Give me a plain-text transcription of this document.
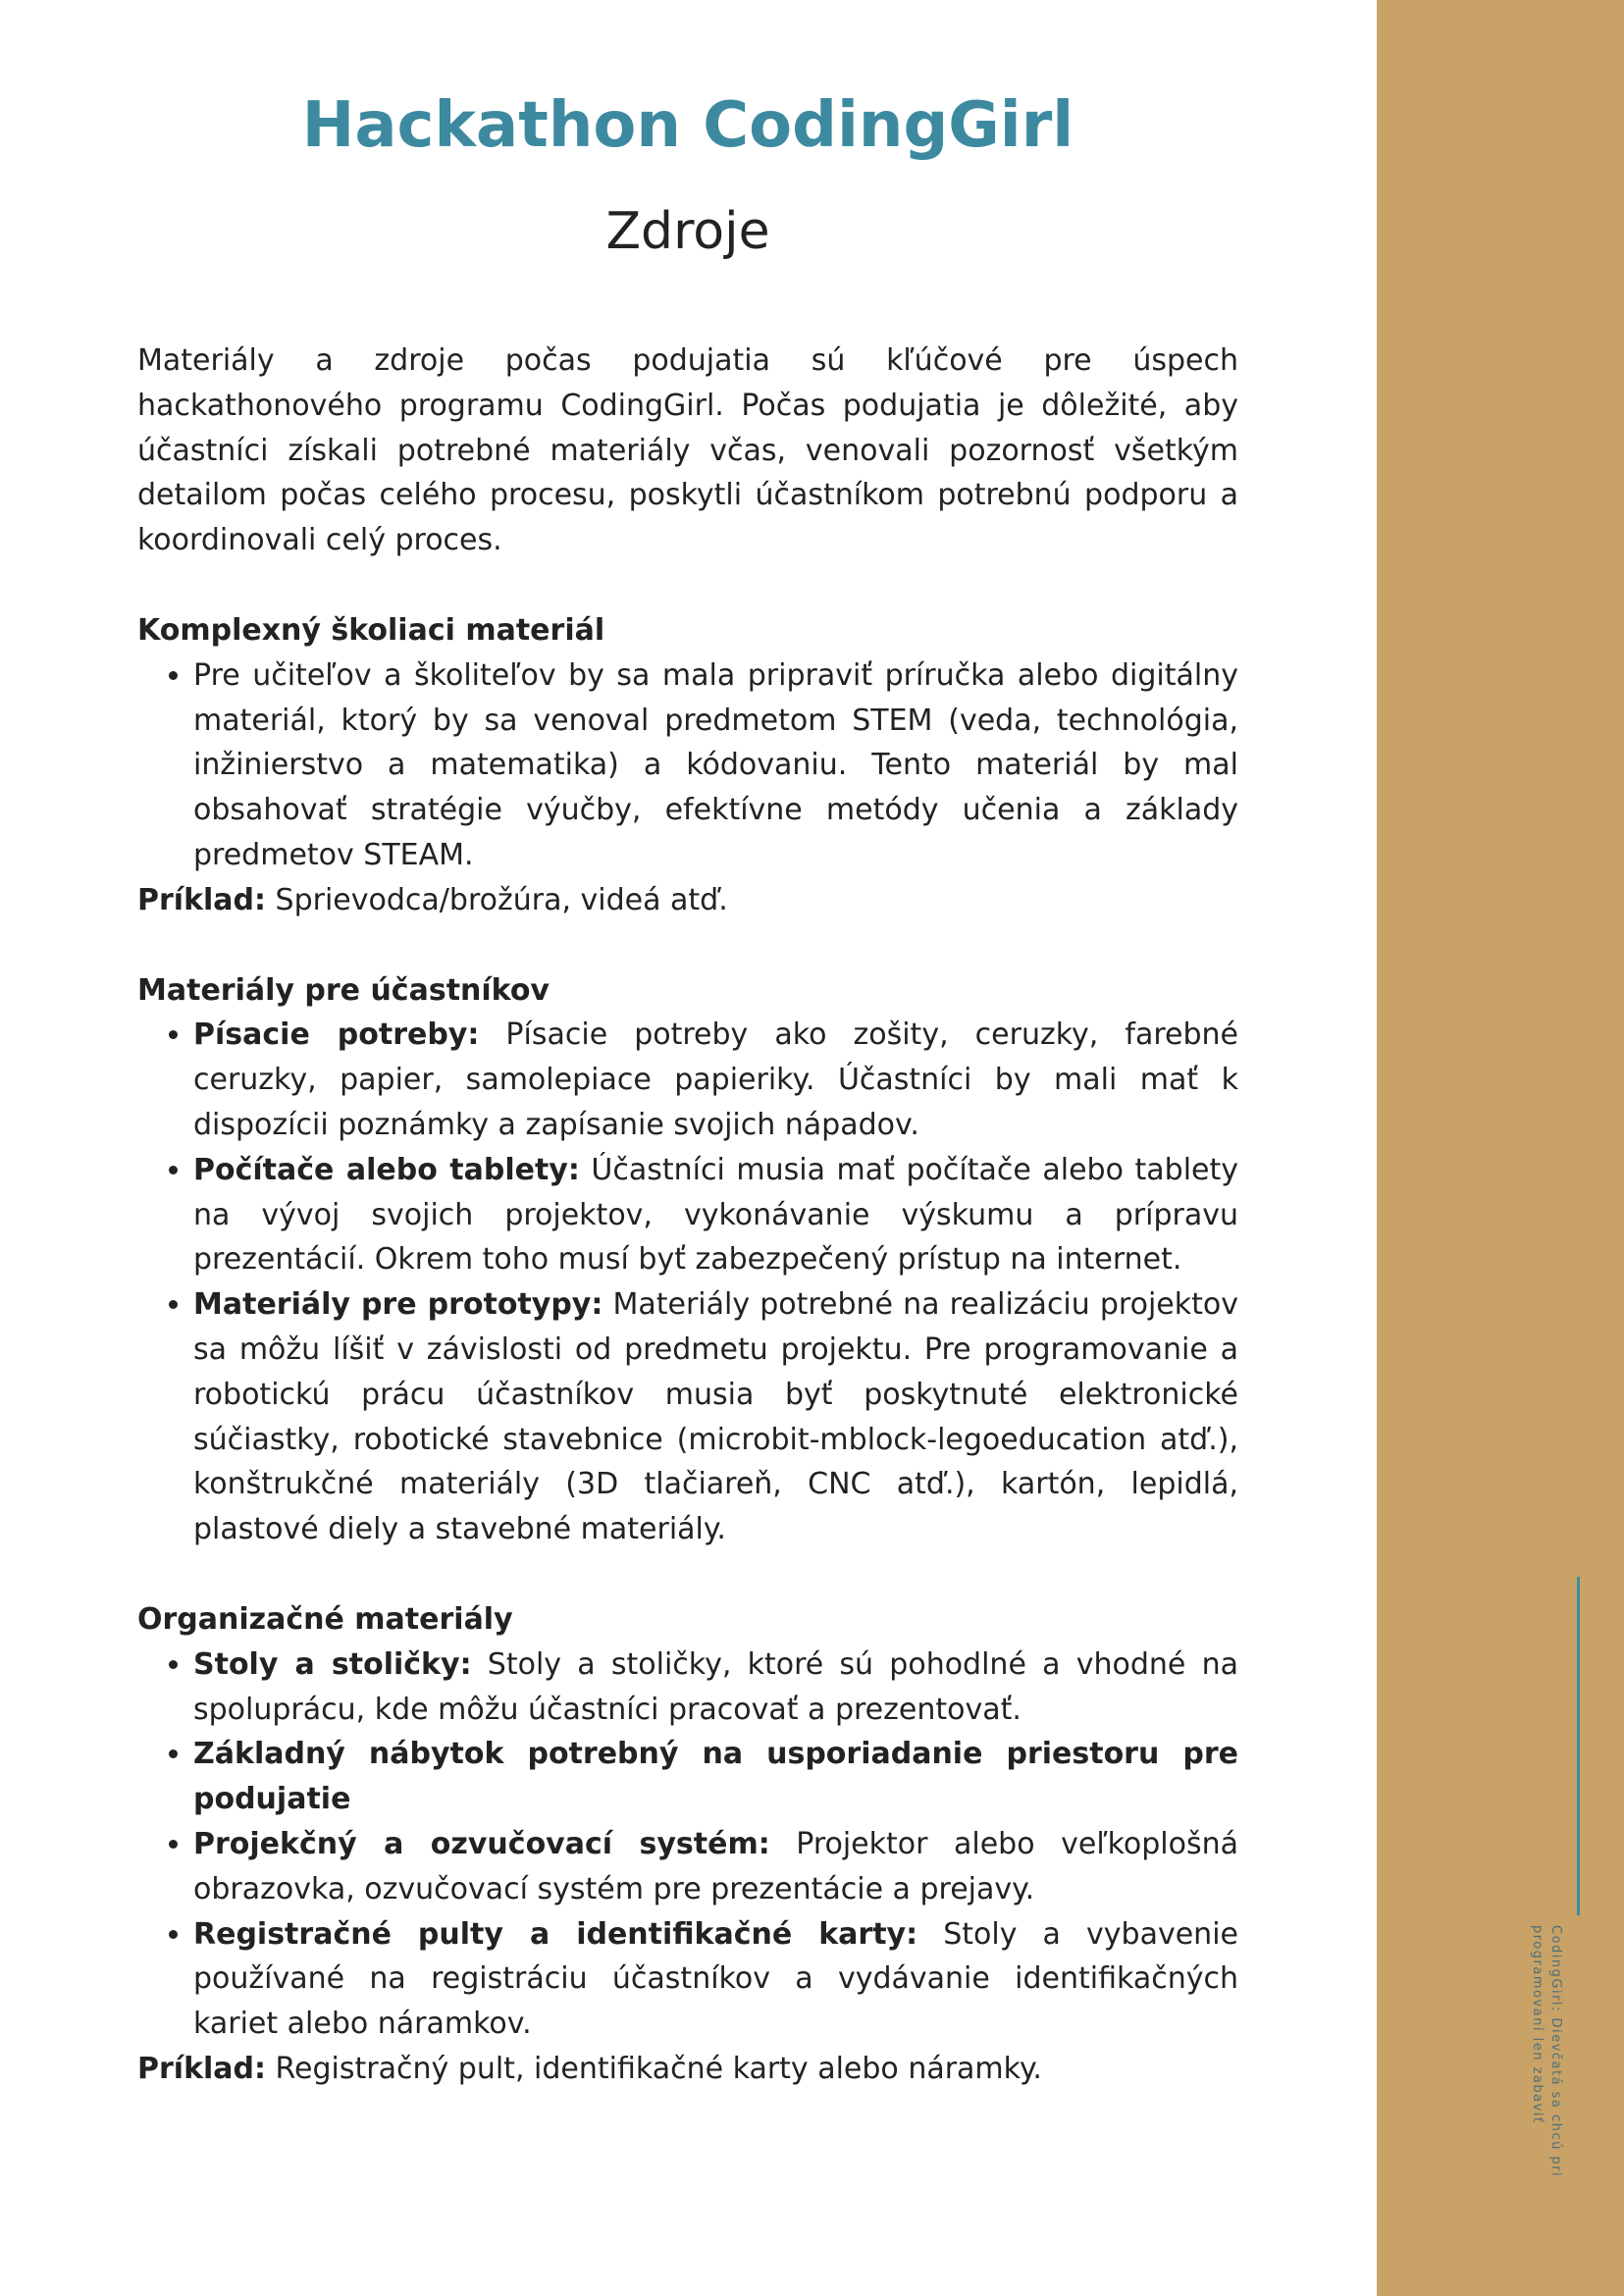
CodingGirl: Dievčatá sa chcú pri programovaní len zabaviť
Hackathon CodingGirl
Zdroje

Materiály a zdroje počas podujatia sú kľúčové pre úspech hackathonového programu CodingGirl. Počas podujatia je dôležité, aby účastníci získali potrebné materiály včas, venovali pozornosť všetkým detailom počas celého procesu, poskytli účastníkom potrebnú podporu a koordinovali celý proces.

Komplexný školiaci materiál

• Pre učiteľov a školiteľov by sa mala pripraviť príručka alebo digitálny materiál, ktorý by sa venoval predmetom STEM (veda, technológia, inžinierstvo a matematika) a kódovaniu. Tento materiál by mal obsahovať stratégie výučby, efektívne metódy učenia a základy predmetov STEAM.

Príklad: Sprievodca/brožúra, videá atď.

Materiály pre účastníkov

• Písacie potreby: Písacie potreby ako zošity, ceruzky, farebné ceruzky, papier, samolepiace papieriky. Účastníci by mali mať k dispozícii poznámky a zapísanie svojich nápadov.
• Počítače alebo tablety: Účastníci musia mať počítače alebo tablety na vývoj svojich projektov, vykonávanie výskumu a prípravu prezentácií. Okrem toho musí byť zabezpečený prístup na internet.
• Materiály pre prototypy: Materiály potrebné na realizáciu projektov sa môžu líšiť v závislosti od predmetu projektu. Pre programovanie a robotickú prácu účastníkov musia byť poskytnuté elektronické súčiastky, robotické stavebnice (microbit-mblock-legoeducation atď.), konštrukčné materiály (3D tlačiareň, CNC atď.), kartón, lepidlá, plastové diely a stavebné materiály.

Organizačné materiály

• Stoly a stoličky: Stoly a stoličky, ktoré sú pohodlné a vhodné na spoluprácu, kde môžu účastníci pracovať a prezentovať.
• Základný nábytok potrebný na usporiadanie priestoru pre podujatie
• Projekčný a ozvučovací systém: Projektor alebo veľkoplošná obrazovka, ozvučovací systém pre prezentácie a prejavy.
• Registračné pulty a identifikačné karty: Stoly a vybavenie používané na registráciu účastníkov a vydávanie identifikačných kariet alebo náramkov.

Príklad: Registračný pult, identifikačné karty alebo náramky.
